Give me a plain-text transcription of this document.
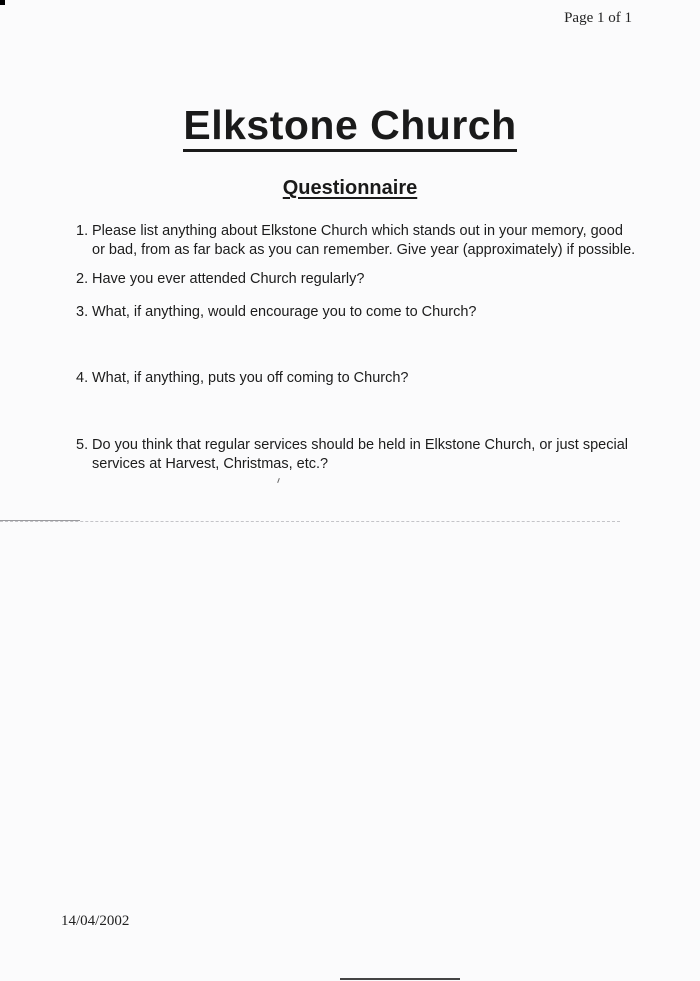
Page 1 of 1
Elkstone Church
Questionnaire
1. Please list anything about Elkstone Church which stands out in your memory, good or bad, from as far back as you can remember. Give year (approximately) if possible.
2. Have you ever attended Church regularly?
3. What, if anything, would encourage you to come to Church?
4. What, if anything, puts you off coming to Church?
5. Do you think that regular services should be held in Elkstone Church, or just special services at Harvest, Christmas, etc.?
14/04/2002
